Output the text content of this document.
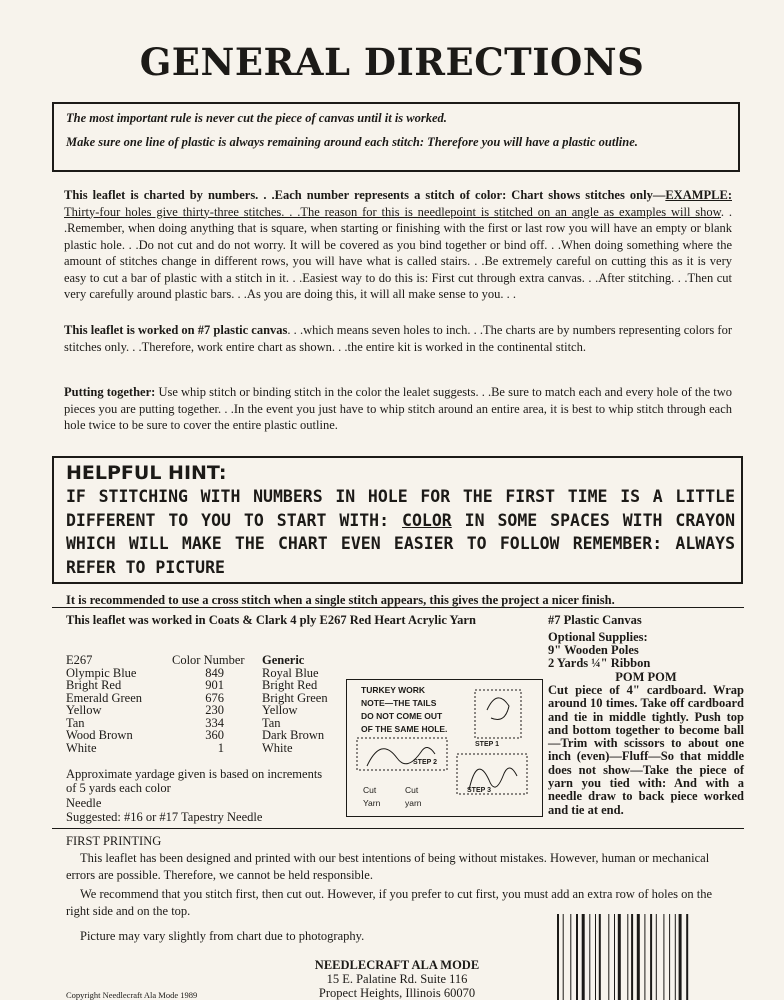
GENERAL DIRECTIONS

The most important rule is never cut the piece of canvas until it is worked.

Make sure one line of plastic is always remaining around each stitch: Therefore you will have a plastic outline.

This leaflet is charted by numbers. . .Each number represents a stitch of color: Chart shows stitches only—EXAMPLE: Thirty-four holes give thirty-three stitches. . .The reason for this is needlepoint is stitched on an angle as examples will show. . .Remember, when doing anything that is square, when starting or finishing with the first or last row you will have an empty or blank plastic hole. . .Do not cut and do not worry. It will be covered as you bind together or bind off. . .When doing something where the amount of stitches change in different rows, you will have what is called stairs. . .Be extremely careful on cutting this as it is very easy to cut a bar of plastic with a stitch in it. . .Easiest way to do this is: First cut through extra canvas. . .After stitching. . .Then cut very carefully around plastic bars. . .As you are doing this, it will all make sense to you. . .

This leaflet is worked on #7 plastic canvas. . .which means seven holes to inch. . .The charts are by numbers representing colors for stitches only. . .Therefore, work entire chart as shown. . .the entire kit is worked in the continental stitch.

Putting together: Use whip stitch or binding stitch in the color the lealet suggests. . .Be sure to match each and every hole of the two pieces you are putting together. . .In the event you just have to whip stitch around an entire area, it is best to whip stitch through each hole twice to be sure to cover the entire plastic outline.

HELPFUL HINT:
IF STITCHING WITH NUMBERS IN HOLE FOR THE FIRST TIME IS A LITTLE DIFFERENT TO YOU TO START WITH: COLOR IN SOME SPACES WITH CRAYON WHICH WILL MAKE THE CHART EVEN EASIER TO FOLLOW REMEMBER: ALWAYS REFER TO PICTURE
It is recommended to use a cross stitch when a single stitch appears, this gives the project a nicer finish.
This leaflet was worked in Coats & Clark 4 ply E267 Red Heart Acrylic Yarn	#7 Plastic Canvas
Optional Supplies:
9" Wooden Poles
2 Yards ¼" Ribbon
E267	Color Number	Generic
Olympic Blue	849	Royal Blue
Bright Red	901	Bright Red
Emerald Green	676	Bright Green
Yellow	230	Yellow
Tan	334	Tan
Wood Brown	360	Dark Brown
White	1	White
Approximate yardage given is based on increments of 5 yards each color
Needle
Suggested: #16 or #17 Tapestry Needle
TURKEY WORK
NOTE—THE TAILS
DO NOT COME OUT
OF THE SAME HOLE.
STEP 1
STEP 2
STEP 3
Cut
Yarn
Cut
yarn
POM POM
Cut piece of 4" cardboard. Wrap around 10 times. Take off cardboard and tie in middle tightly. Push top and bottom together to become ball—Trim with scissors to about one inch (even)—Fluff—So that middle does not show—Take the piece of yarn you tied with: And with a needle draw to back piece worked and tie at end.
FIRST PRINTING
This leaflet has been designed and printed with our best intentions of being without mistakes. However, human or mechanical errors are possible. Therefore, we cannot be held responsible.
We recommend that you stitch first, then cut out. However, if you prefer to cut first, you must add an extra row of holes on the right side and on the top.
Picture may vary slightly from chart due to photography.
NEEDLECRAFT ALA MODE
15 E. Palatine Rd. Suite 116
Propect Heights, Illinois 60070
Copyright Needlecraft Ala Mode 1989
